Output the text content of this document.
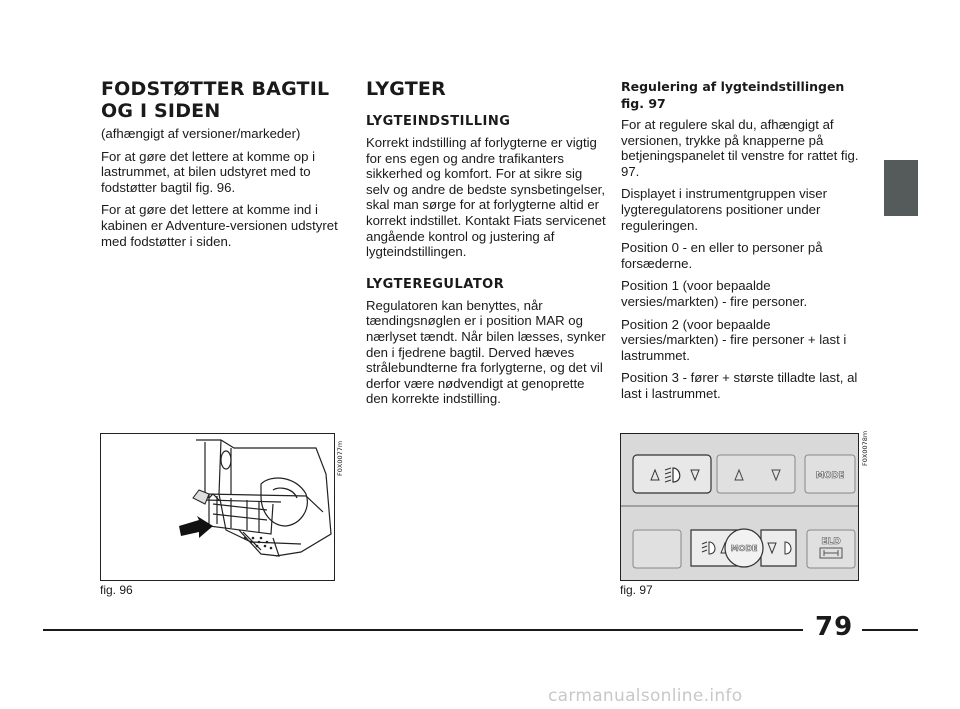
FODSTØTTER BAGTIL
OG I SIDEN

(afhængigt af versioner/markeder)

For at gøre det lettere at komme op i lastrummet, at bilen udstyret med to fodstøtter bagtil fig. 96.

For at gøre det lettere at komme ind i kabinen er Adventure-versionen udstyret med fodstøtter i siden.

LYGTER
LYGTEINDSTILLING

Korrekt indstilling af forlygterne er vigtig for ens egen og andre trafikanters sikkerhed og komfort. For at sikre sig selv og andre de bedste synsbetingelser, skal man sørge for at forlygterne altid er korrekt indstillet. Kontakt Fiats servicenet angående kontrol og justering af lygteindstillingen.

LYGTEREGULATOR

Regulatoren kan benyttes, når tændingsnøglen er i position MAR og nærlyset tændt. Når bilen læsses, synker den i fjedrene bagtil. Derved hæves strålebundterne fra forlygterne, og det vil derfor være nødvendigt at genoprette den korrekte indstilling.

Regulering af lygteindstillingen fig. 97

For at regulere skal du, afhængigt af versionen, trykke på knapperne på betjeningspanelet til venstre for rattet fig. 97.

Displayet i instrumentgruppen viser lygteregulatorens positioner under reguleringen.

Position 0 - en eller to personer på forsæderne.

Position 1 (voor bepaalde versies/markten) - fire personer.

Position 2 (voor bepaalde versies/markten) - fire personer + last i lastrummet.

Position 3 - fører + største tilladte last, al last i lastrummet.

F0X0077m
fig. 96
MODE
MODE
ELD
F0X0078m
fig. 97
79
carmanualsonline.info
